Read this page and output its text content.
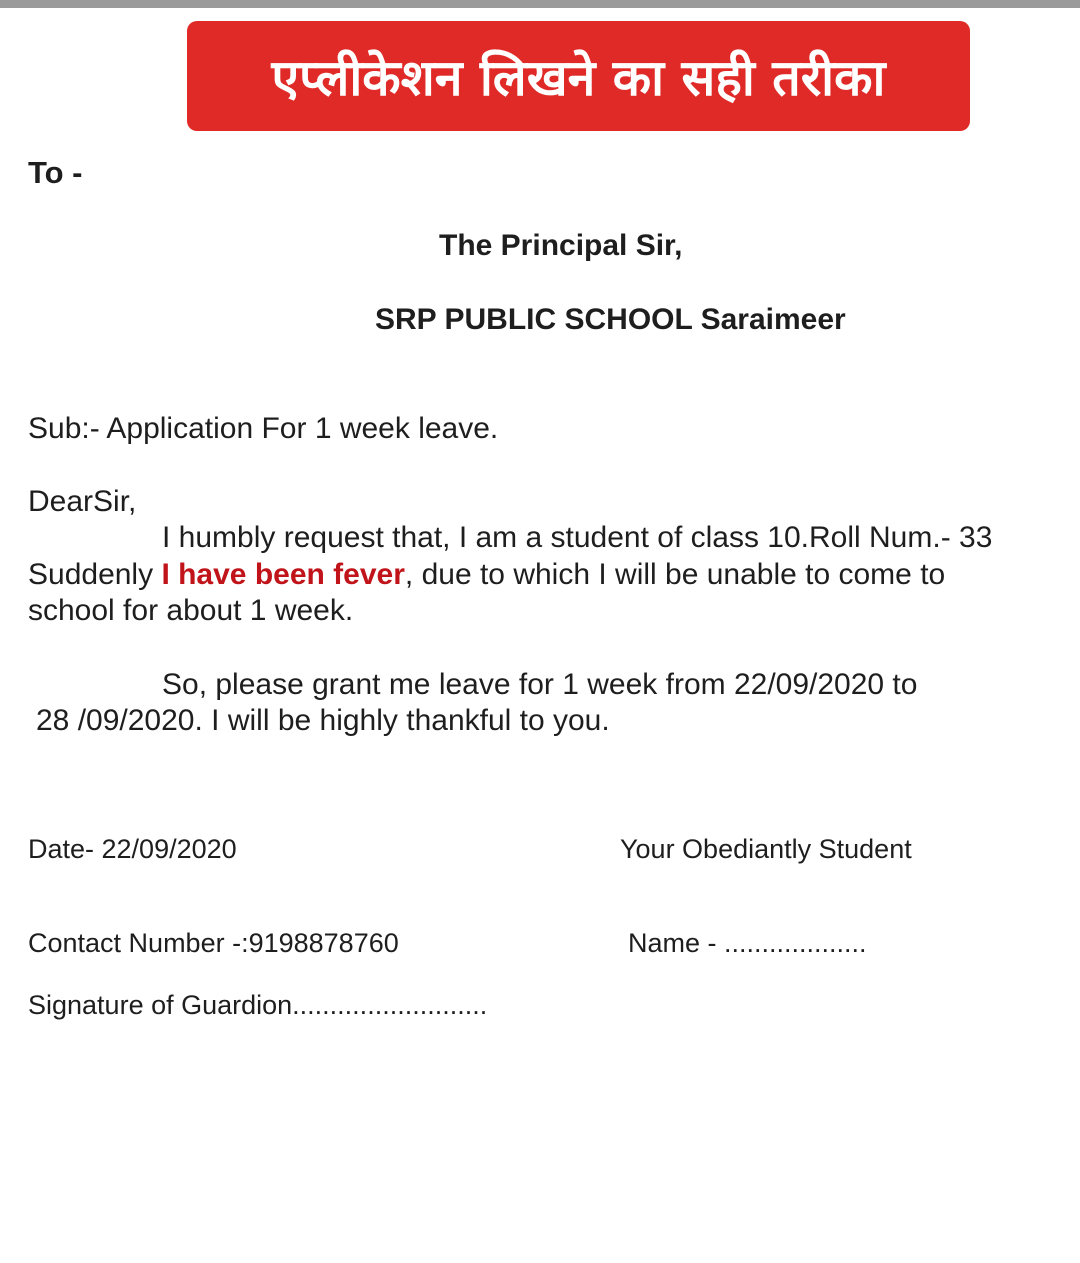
एप्लीकेशन लिखने का सही तरीका
To -
The Principal Sir,
SRP PUBLIC SCHOOL Saraimeer
Sub:- Application For 1 week leave.
DearSir,
I humbly request that, I am a student of class 10.Roll Num.- 33
Suddenly I have been fever, due to which I will be unable to come to
school for about 1 week.
So, please grant me leave for 1 week from 22/09/2020 to
28 /09/2020. I will be highly thankful to you.
Date- 22/09/2020	Your Obediantly Student
Contact Number -:9198878760	Name - ...................
Signature of Guardion..........................
